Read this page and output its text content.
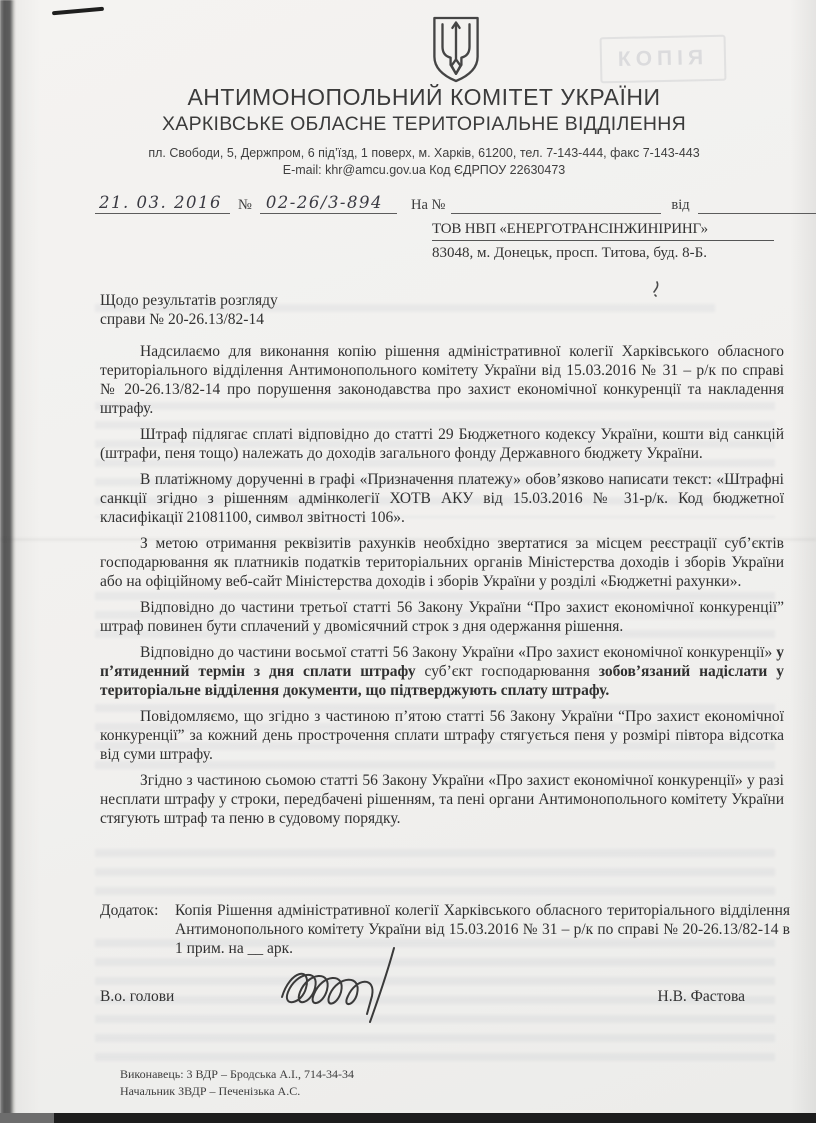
КОПІЯ
АНТИМОНОПОЛЬНИЙ КОМІТЕТ УКРАЇНИ
ХАРКІВСЬКЕ ОБЛАСНЕ ТЕРИТОРІАЛЬНЕ ВІДДІЛЕННЯ
пл. Свободи, 5, Держпром, 6 під’їзд, 1 поверх, м. Харків, 61200, тел. 7-143-444, факс 7-143-443
E-mail: khr@amcu.gov.ua Код ЄДРПОУ 22630473
21. 03. 2016	№ 02-26/3-894	На №	від
ТОВ НВП «ЕНЕРГОТРАНСІНЖИНІРИНГ»
83048, м. Донецьк, просп. Титова, буд. 8-Б.
Щодо результатів розгляду
справи № 20-26.13/82-14

Надсилаємо для виконання копію рішення адміністративної колегії Харківського обласного територіального відділення Антимонопольного комітету України від 15.03.2016 № 31 – р/к по справі № 20-26.13/82-14 про порушення законодавства про захист економічної конкуренції та накладення штрафу.

Штраф підлягає сплаті відповідно до статті 29 Бюджетного кодексу України, кошти від санкцій (штрафи, пеня тощо) належать до доходів загального фонду Державного бюджету України.

В платіжному дорученні в графі «Призначення платежу» обов’язково написати текст: «Штрафні санкції згідно з рішенням адмінколегії ХОТВ АКУ від 15.03.2016 № 31-р/к. Код бюджетної класифікації 21081100, символ звітності 106».

З метою отримання реквізитів рахунків необхідно звертатися за місцем реєстрації суб’єктів господарювання як платників податків територіальних органів Міністерства доходів і зборів України або на офіційному веб-сайт Міністерства доходів і зборів України у розділі «Бюджетні рахунки».

Відповідно до частини третьої статті 56 Закону України “Про захист економічної конкуренції” штраф повинен бути сплачений у двомісячний строк з дня одержання рішення.

Відповідно до частини восьмої статті 56 Закону України «Про захист економічної конкуренції» у п’ятиденний термін з дня сплати штрафу суб’єкт господарювання зобов’язаний надіслати у територіальне відділення документи, що підтверджують сплату штрафу.

Повідомляємо, що згідно з частиною п’ятою статті 56 Закону України “Про захист економічної конкуренції” за кожний день прострочення сплати штрафу стягується пеня у розмірі півтора відсотка від суми штрафу.

Згідно з частиною сьомою статті 56 Закону України «Про захист економічної конкуренції» у разі несплати штрафу у строки, передбачені рішенням, та пені органи Антимонопольного комітету України стягують штраф та пеню в судовому порядку.

Додаток:	Копія Рішення адміністративної колегії Харківського обласного територіального відділення Антимонопольного комітету України від 15.03.2016 № 31 – р/к по справі № 20-26.13/82-14 в 1 прим. на __ арк.
В.о. голови	Н.В. Фастова
Виконавець: 3 ВДР – Бродська А.І., 714-34-34
Начальник ЗВДР – Печенізька А.С.
